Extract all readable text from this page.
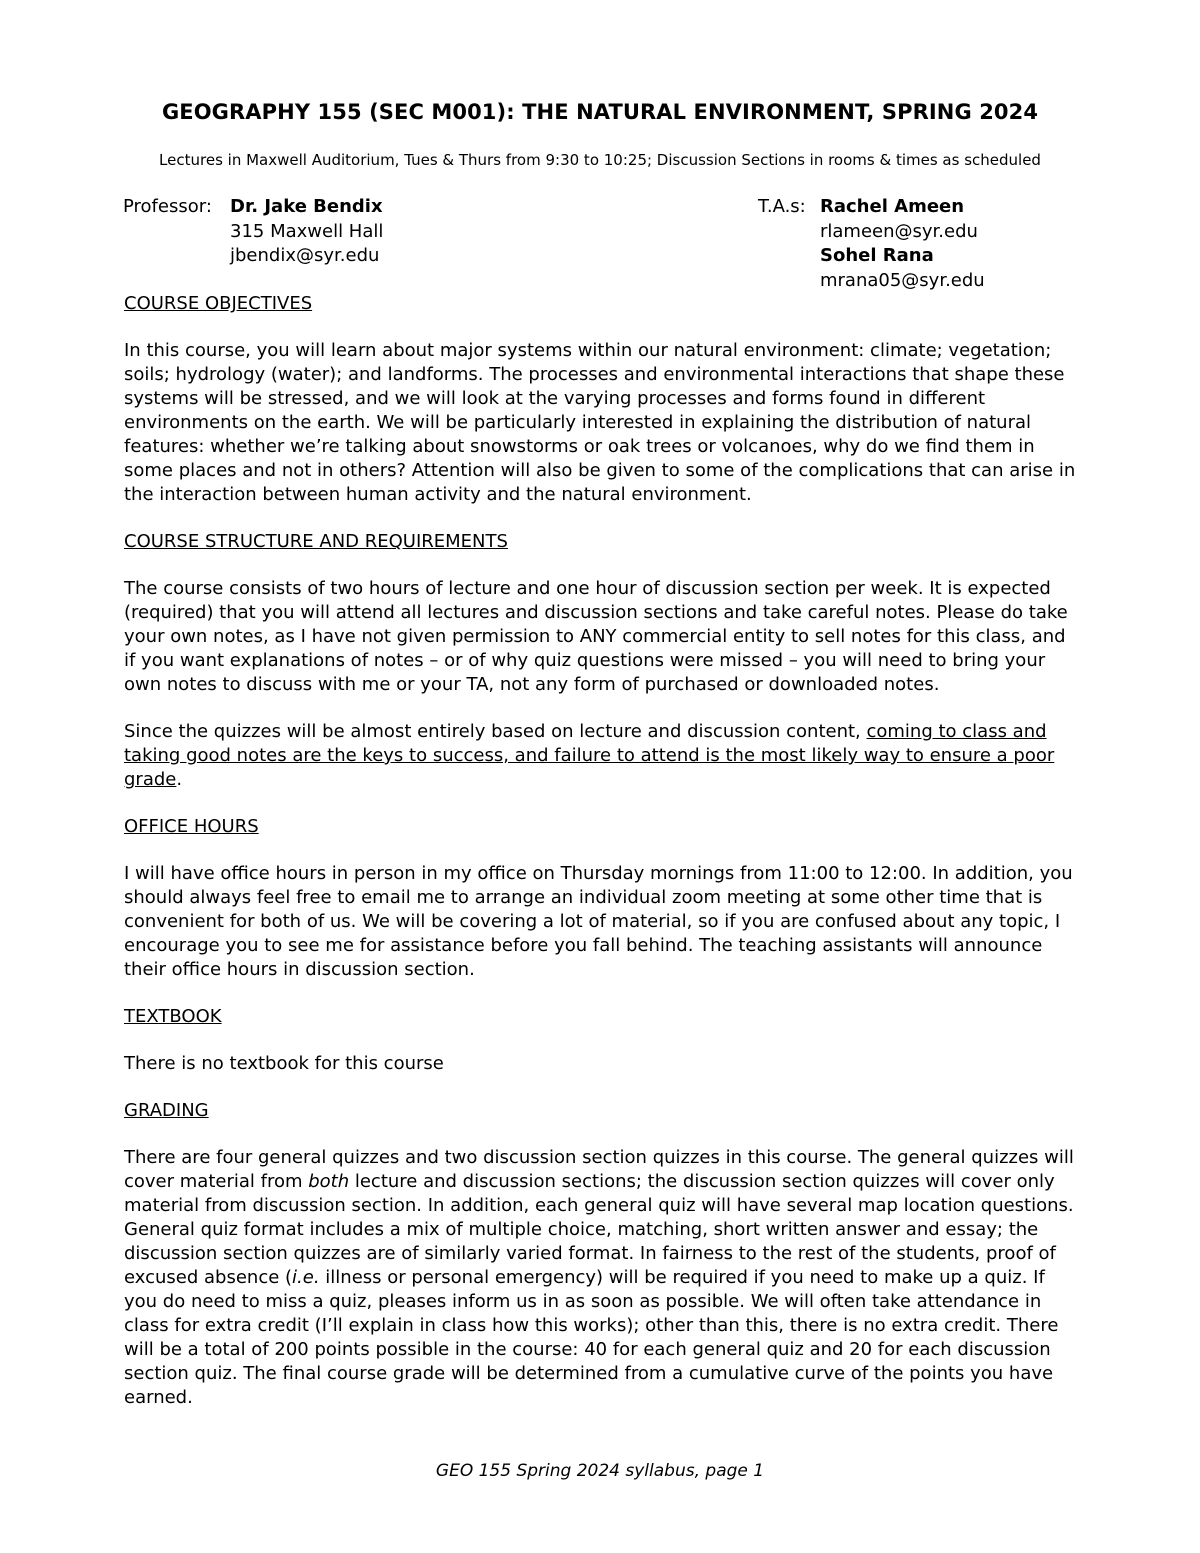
GEOGRAPHY 155 (SEC M001): THE NATURAL ENVIRONMENT, SPRING 2024
Lectures in Maxwell Auditorium, Tues & Thurs from 9:30 to 10:25; Discussion Sections in rooms & times as scheduled
Professor: Dr. Jake Bendix
315 Maxwell Hall
jbendix@syr.edu
T.A.s: Rachel Ameen
rlameen@syr.edu
Sohel Rana
mrana05@syr.edu
COURSE OBJECTIVES
In this course, you will learn about major systems within our natural environment: climate; vegetation; soils; hydrology (water); and landforms. The processes and environmental interactions that shape these systems will be stressed, and we will look at the varying processes and forms found in different environments on the earth. We will be particularly interested in explaining the distribution of natural features: whether we’re talking about snowstorms or oak trees or volcanoes, why do we find them in some places and not in others? Attention will also be given to some of the complications that can arise in the interaction between human activity and the natural environment.
COURSE STRUCTURE AND REQUIREMENTS
The course consists of two hours of lecture and one hour of discussion section per week. It is expected (required) that you will attend all lectures and discussion sections and take careful notes. Please do take your own notes, as I have not given permission to ANY commercial entity to sell notes for this class, and if you want explanations of notes – or of why quiz questions were missed – you will need to bring your own notes to discuss with me or your TA, not any form of purchased or downloaded notes.
Since the quizzes will be almost entirely based on lecture and discussion content, coming to class and taking good notes are the keys to success, and failure to attend is the most likely way to ensure a poor grade.
OFFICE HOURS
I will have office hours in person in my office on Thursday mornings from 11:00 to 12:00. In addition, you should always feel free to email me to arrange an individual zoom meeting at some other time that is convenient for both of us. We will be covering a lot of material, so if you are confused about any topic, I encourage you to see me for assistance before you fall behind. The teaching assistants will announce their office hours in discussion section.
TEXTBOOK
There is no textbook for this course
GRADING
There are four general quizzes and two discussion section quizzes in this course. The general quizzes will cover material from both lecture and discussion sections; the discussion section quizzes will cover only material from discussion section. In addition, each general quiz will have several map location questions. General quiz format includes a mix of multiple choice, matching, short written answer and essay; the discussion section quizzes are of similarly varied format. In fairness to the rest of the students, proof of excused absence (i.e. illness or personal emergency) will be required if you need to make up a quiz. If you do need to miss a quiz, pleases inform us in as soon as possible. We will often take attendance in class for extra credit (I’ll explain in class how this works); other than this, there is no extra credit. There will be a total of 200 points possible in the course: 40 for each general quiz and 20 for each discussion section quiz. The final course grade will be determined from a cumulative curve of the points you have earned.
GEO 155 Spring 2024 syllabus, page 1
